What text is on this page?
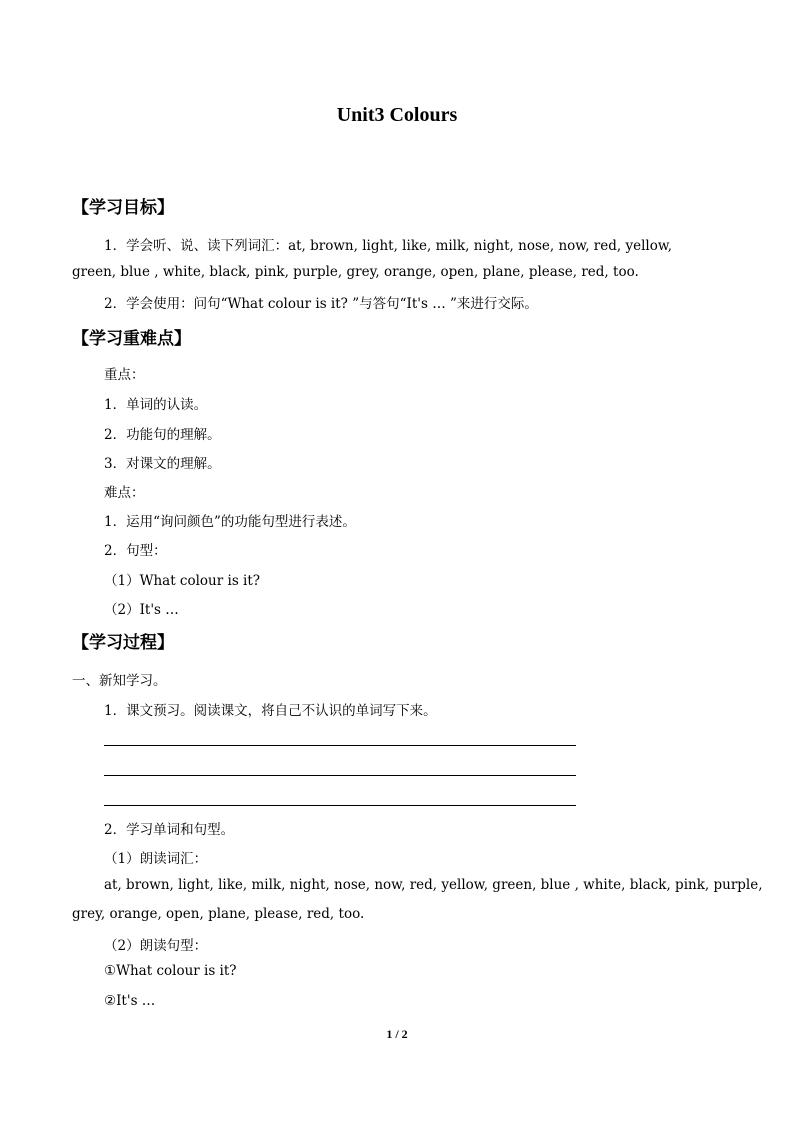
Unit3 Colours
【学习目标】
1．学会听、说、读下列词汇：at, brown, light, like, milk, night, nose, now, red, yellow,
green, blue , white, black, pink, purple, grey, orange, open, plane, please, red, too.
2．学会使用：问句“What colour is it? ”与答句“It's … ”来进行交际。
【学习重难点】
重点：
1．单词的认读。
2．功能句的理解。
3．对课文的理解。
难点：
1．运用“询问颜色”的功能句型进行表述。
2．句型：
（1）What colour is it?
（2）It's …
【学习过程】
一、新知学习。
1．课文预习。阅读课文，将自己不认识的单词写下来。
2．学习单词和句型。
（1）朗读词汇：
at, brown, light, like, milk, night, nose, now, red, yellow, green, blue , white, black, pink, purple,
grey, orange, open, plane, please, red, too.
（2）朗读句型：
①What colour is it?
②It's …
1 / 2
